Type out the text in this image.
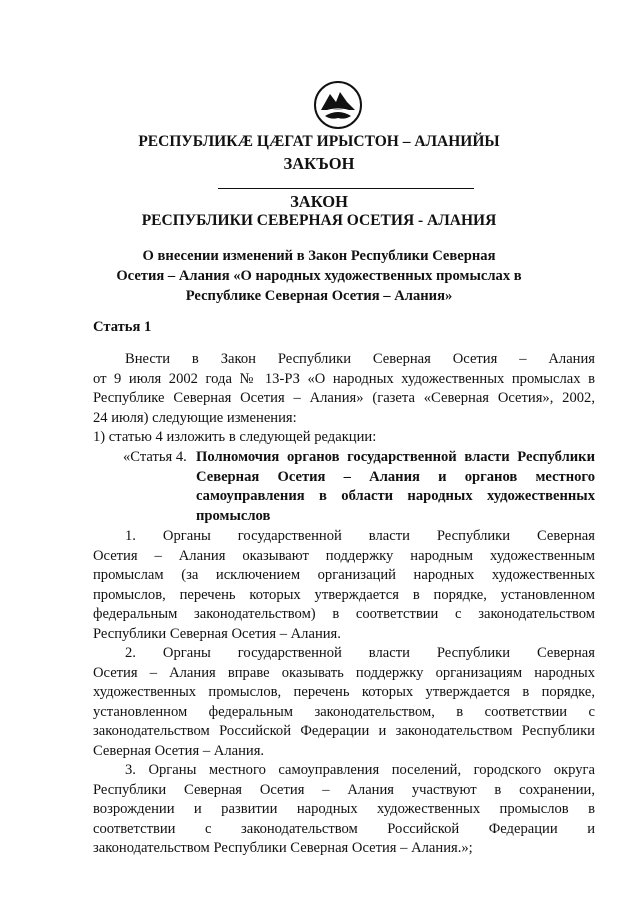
РЕСПУБЛИКÆ ЦÆГАТ ИРЫСТОН – АЛАНИЙЫ
ЗАКЪОН
ЗАКОН
РЕСПУБЛИКИ СЕВЕРНАЯ ОСЕТИЯ - АЛАНИЯ
О внесении изменений в Закон Республики Северная
Осетия – Алания «О народных художественных промыслах в
Республике Северная Осетия – Алания»
Статья 1
Внести в Закон Республики Северная Осетия – Алания
от 9 июля 2002 года № 13-РЗ «О народных художественных промыслах в
Республике Северная Осетия – Алания» (газета «Северная Осетия», 2002,
24 июля) следующие изменения:
1) статью 4 изложить в следующей редакции:
«Статья 4. Полномочия органов государственной власти Республики
Северная Осетия – Алания и органов местного
самоуправления в области народных художественных
промыслов
1. Органы государственной власти Республики Северная
Осетия – Алания оказывают поддержку народным художественным
промыслам (за исключением организаций народных художественных
промыслов, перечень которых утверждается в порядке, установленном
федеральным законодательством) в соответствии с законодательством
Республики Северная Осетия – Алания.
2. Органы государственной власти Республики Северная
Осетия – Алания вправе оказывать поддержку организациям народных
художественных промыслов, перечень которых утверждается в порядке,
установленном федеральным законодательством, в соответствии с
законодательством Российской Федерации и законодательством Республики
Северная Осетия – Алания.
3. Органы местного самоуправления поселений, городского округа
Республики Северная Осетия – Алания участвуют в сохранении,
возрождении и развитии народных художественных промыслов в
соответствии с законодательством Российской Федерации и
законодательством Республики Северная Осетия – Алания.»;
